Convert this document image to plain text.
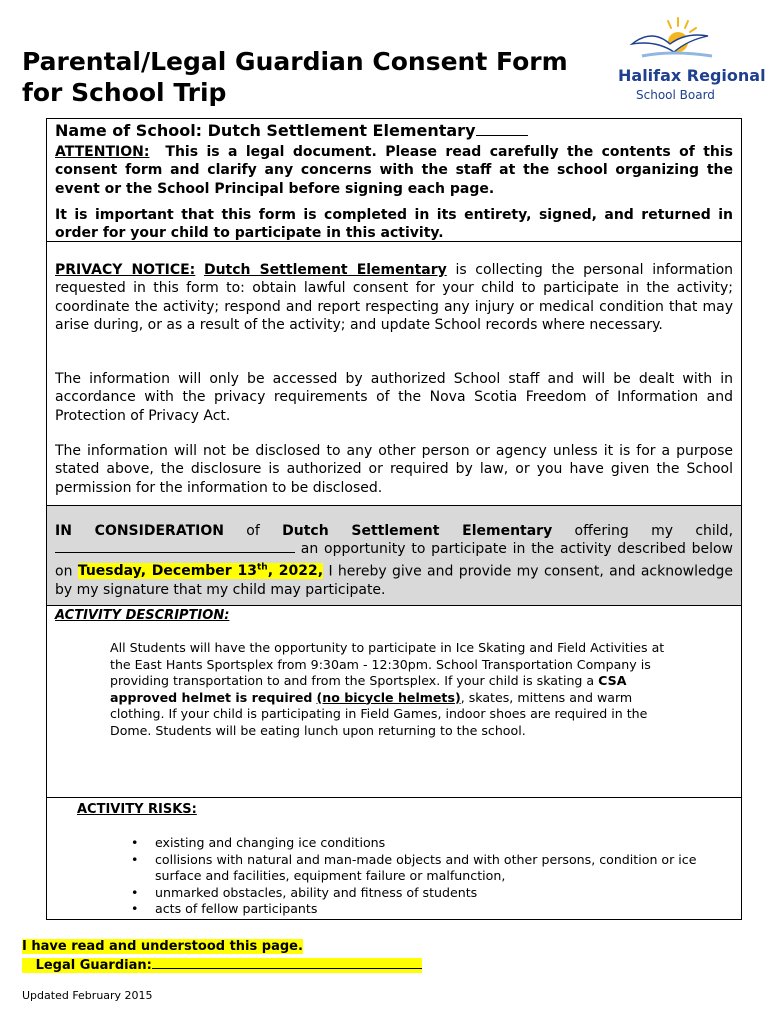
Parental/Legal Guardian Consent Form
for School Trip
Halifax Regional
School Board
Name of School: Dutch Settlement Elementary
ATTENTION: This is a legal document. Please read carefully the contents of this consent form and clarify any concerns with the staff at the school organizing the event or the School Principal before signing each page.
It is important that this form is completed in its entirety, signed, and returned in order for your child to participate in this activity.
PRIVACY NOTICE: Dutch Settlement Elementary is collecting the personal information requested in this form to: obtain lawful consent for your child to participate in the activity; coordinate the activity; respond and report respecting any injury or medical condition that may arise during, or as a result of the activity; and update School records where necessary.
The information will only be accessed by authorized School staff and will be dealt with in accordance with the privacy requirements of the Nova Scotia Freedom of Information and Protection of Privacy Act.
The information will not be disclosed to any other person or agency unless it is for a purpose stated above, the disclosure is authorized or required by law, or you have given the School permission for the information to be disclosed.
IN CONSIDERATION of Dutch Settlement Elementary offering my child,  an opportunity to participate in the activity described below on Tuesday, December 13th, 2022, I hereby give and provide my consent, and acknowledge by my signature that my child may participate.
ACTIVITY DESCRIPTION:
All Students will have the opportunity to participate in Ice Skating and Field Activities at the East Hants Sportsplex from 9:30am - 12:30pm. School Transportation Company is providing transportation to and from the Sportsplex. If your child is skating a CSA approved helmet is required (no bicycle helmets), skates, mittens and warm clothing. If your child is participating in Field Games, indoor shoes are required in the Dome. Students will be eating lunch upon returning to the school.
ACTIVITY RISKS:
• existing and changing ice conditions
• collisions with natural and man-made objects and with other persons, condition or ice surface and facilities, equipment failure or malfunction,
• unmarked obstacles, ability and fitness of students
• acts of fellow participants
I have read and understood this page.
Legal Guardian:
Updated February 2015
